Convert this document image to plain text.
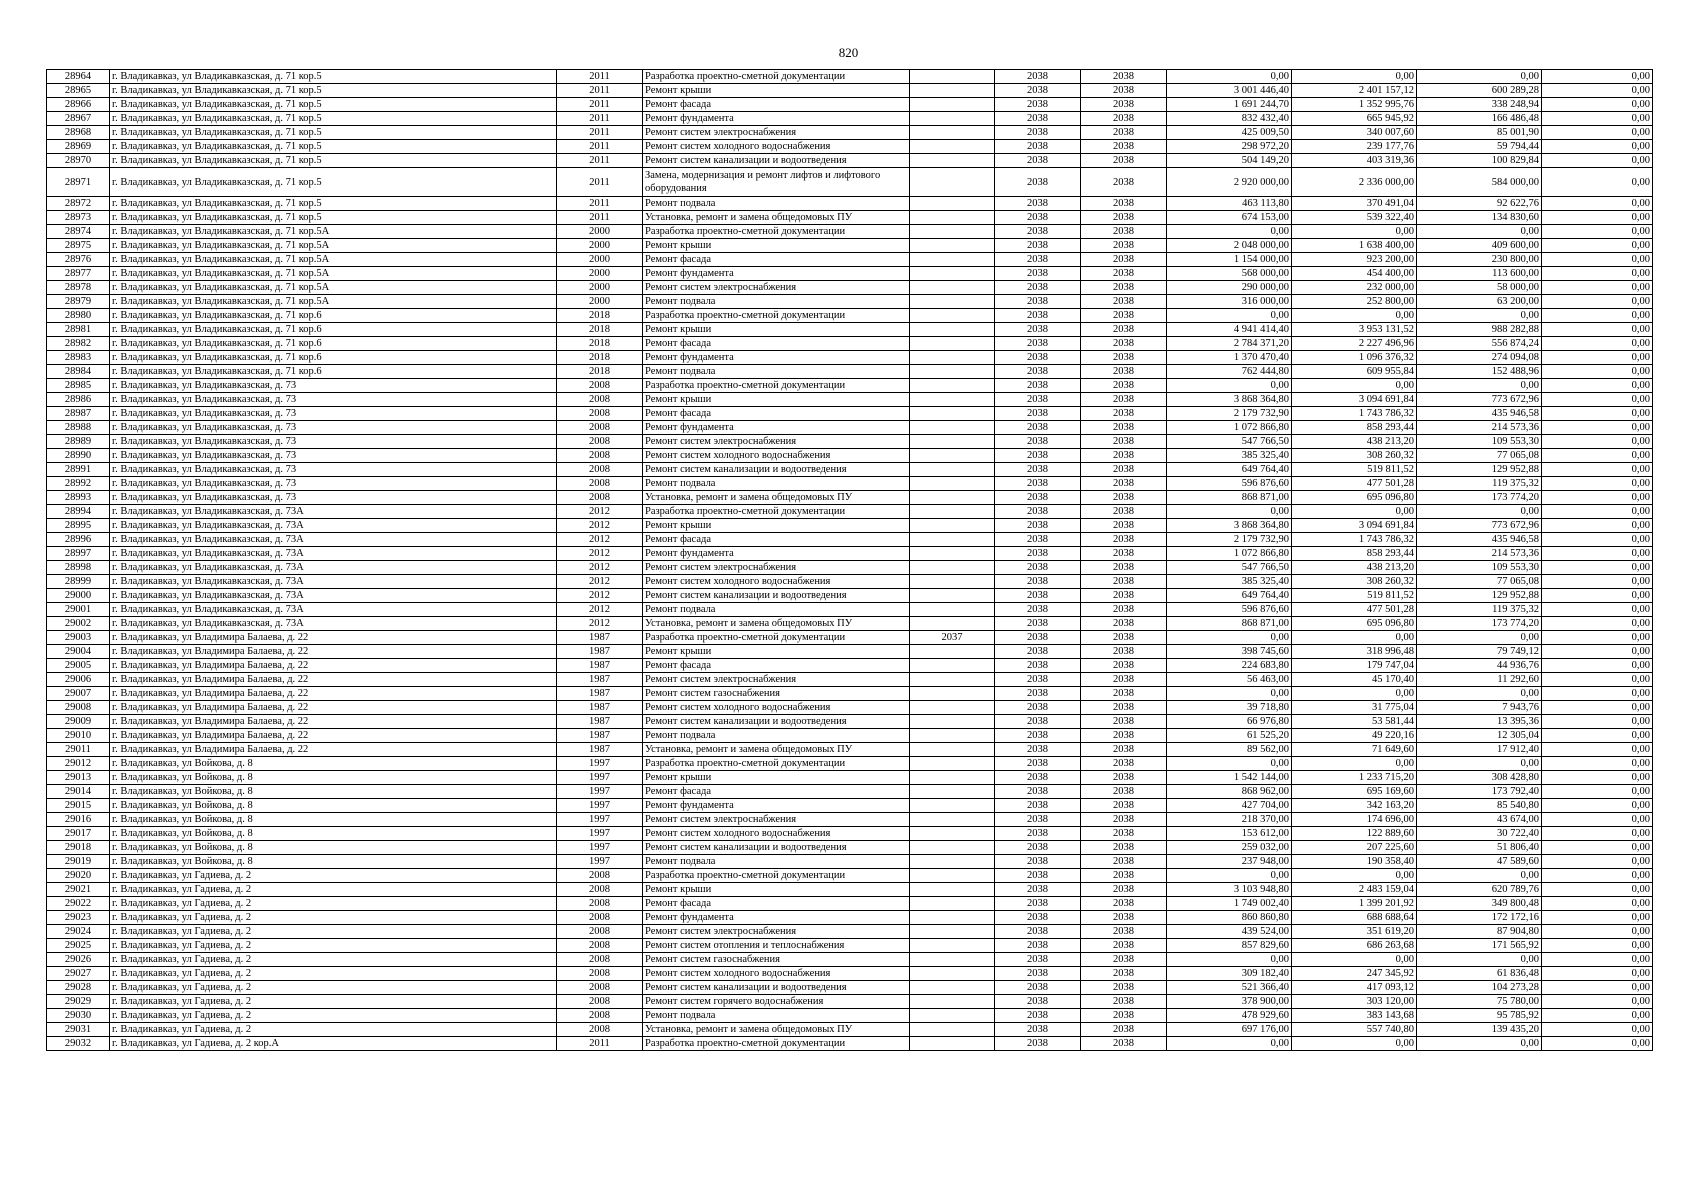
820
28964	г. Владикавказ, ул Владикавказская, д. 71 кор.5	2011	Разработка проектно-сметной документации		2038	2038	0,00	0,00	0,00	0,00
28965	г. Владикавказ, ул Владикавказская, д. 71 кор.5	2011	Ремонт крыши		2038	2038	3 001 446,40	2 401 157,12	600 289,28	0,00
28966	г. Владикавказ, ул Владикавказская, д. 71 кор.5	2011	Ремонт фасада		2038	2038	1 691 244,70	1 352 995,76	338 248,94	0,00
28967	г. Владикавказ, ул Владикавказская, д. 71 кор.5	2011	Ремонт фундамента		2038	2038	832 432,40	665 945,92	166 486,48	0,00
28968	г. Владикавказ, ул Владикавказская, д. 71 кор.5	2011	Ремонт систем электроснабжения		2038	2038	425 009,50	340 007,60	85 001,90	0,00
28969	г. Владикавказ, ул Владикавказская, д. 71 кор.5	2011	Ремонт систем холодного водоснабжения		2038	2038	298 972,20	239 177,76	59 794,44	0,00
28970	г. Владикавказ, ул Владикавказская, д. 71 кор.5	2011	Ремонт систем канализации и водоотведения		2038	2038	504 149,20	403 319,36	100 829,84	0,00
28971	г. Владикавказ, ул Владикавказская, д. 71 кор.5	2011	Замена, модернизация и ремонт лифтов и лифтового оборудования		2038	2038	2 920 000,00	2 336 000,00	584 000,00	0,00
28972	г. Владикавказ, ул Владикавказская, д. 71 кор.5	2011	Ремонт подвала		2038	2038	463 113,80	370 491,04	92 622,76	0,00
28973	г. Владикавказ, ул Владикавказская, д. 71 кор.5	2011	Установка, ремонт и замена общедомовых ПУ		2038	2038	674 153,00	539 322,40	134 830,60	0,00
28974	г. Владикавказ, ул Владикавказская, д. 71 кор.5А	2000	Разработка проектно-сметной документации		2038	2038	0,00	0,00	0,00	0,00
28975	г. Владикавказ, ул Владикавказская, д. 71 кор.5А	2000	Ремонт крыши		2038	2038	2 048 000,00	1 638 400,00	409 600,00	0,00
28976	г. Владикавказ, ул Владикавказская, д. 71 кор.5А	2000	Ремонт фасада		2038	2038	1 154 000,00	923 200,00	230 800,00	0,00
28977	г. Владикавказ, ул Владикавказская, д. 71 кор.5А	2000	Ремонт фундамента		2038	2038	568 000,00	454 400,00	113 600,00	0,00
28978	г. Владикавказ, ул Владикавказская, д. 71 кор.5А	2000	Ремонт систем электроснабжения		2038	2038	290 000,00	232 000,00	58 000,00	0,00
28979	г. Владикавказ, ул Владикавказская, д. 71 кор.5А	2000	Ремонт подвала		2038	2038	316 000,00	252 800,00	63 200,00	0,00
28980	г. Владикавказ, ул Владикавказская, д. 71 кор.6	2018	Разработка проектно-сметной документации		2038	2038	0,00	0,00	0,00	0,00
28981	г. Владикавказ, ул Владикавказская, д. 71 кор.6	2018	Ремонт крыши		2038	2038	4 941 414,40	3 953 131,52	988 282,88	0,00
28982	г. Владикавказ, ул Владикавказская, д. 71 кор.6	2018	Ремонт фасада		2038	2038	2 784 371,20	2 227 496,96	556 874,24	0,00
28983	г. Владикавказ, ул Владикавказская, д. 71 кор.6	2018	Ремонт фундамента		2038	2038	1 370 470,40	1 096 376,32	274 094,08	0,00
28984	г. Владикавказ, ул Владикавказская, д. 71 кор.6	2018	Ремонт подвала		2038	2038	762 444,80	609 955,84	152 488,96	0,00
28985	г. Владикавказ, ул Владикавказская, д. 73	2008	Разработка проектно-сметной документации		2038	2038	0,00	0,00	0,00	0,00
28986	г. Владикавказ, ул Владикавказская, д. 73	2008	Ремонт крыши		2038	2038	3 868 364,80	3 094 691,84	773 672,96	0,00
28987	г. Владикавказ, ул Владикавказская, д. 73	2008	Ремонт фасада		2038	2038	2 179 732,90	1 743 786,32	435 946,58	0,00
28988	г. Владикавказ, ул Владикавказская, д. 73	2008	Ремонт фундамента		2038	2038	1 072 866,80	858 293,44	214 573,36	0,00
28989	г. Владикавказ, ул Владикавказская, д. 73	2008	Ремонт систем электроснабжения		2038	2038	547 766,50	438 213,20	109 553,30	0,00
28990	г. Владикавказ, ул Владикавказская, д. 73	2008	Ремонт систем холодного водоснабжения		2038	2038	385 325,40	308 260,32	77 065,08	0,00
28991	г. Владикавказ, ул Владикавказская, д. 73	2008	Ремонт систем канализации и водоотведения		2038	2038	649 764,40	519 811,52	129 952,88	0,00
28992	г. Владикавказ, ул Владикавказская, д. 73	2008	Ремонт подвала		2038	2038	596 876,60	477 501,28	119 375,32	0,00
28993	г. Владикавказ, ул Владикавказская, д. 73	2008	Установка, ремонт и замена общедомовых ПУ		2038	2038	868 871,00	695 096,80	173 774,20	0,00
28994	г. Владикавказ, ул Владикавказская, д. 73А	2012	Разработка проектно-сметной документации		2038	2038	0,00	0,00	0,00	0,00
28995	г. Владикавказ, ул Владикавказская, д. 73А	2012	Ремонт крыши		2038	2038	3 868 364,80	3 094 691,84	773 672,96	0,00
28996	г. Владикавказ, ул Владикавказская, д. 73А	2012	Ремонт фасада		2038	2038	2 179 732,90	1 743 786,32	435 946,58	0,00
28997	г. Владикавказ, ул Владикавказская, д. 73А	2012	Ремонт фундамента		2038	2038	1 072 866,80	858 293,44	214 573,36	0,00
28998	г. Владикавказ, ул Владикавказская, д. 73А	2012	Ремонт систем электроснабжения		2038	2038	547 766,50	438 213,20	109 553,30	0,00
28999	г. Владикавказ, ул Владикавказская, д. 73А	2012	Ремонт систем холодного водоснабжения		2038	2038	385 325,40	308 260,32	77 065,08	0,00
29000	г. Владикавказ, ул Владикавказская, д. 73А	2012	Ремонт систем канализации и водоотведения		2038	2038	649 764,40	519 811,52	129 952,88	0,00
29001	г. Владикавказ, ул Владикавказская, д. 73А	2012	Ремонт подвала		2038	2038	596 876,60	477 501,28	119 375,32	0,00
29002	г. Владикавказ, ул Владикавказская, д. 73А	2012	Установка, ремонт и замена общедомовых ПУ		2038	2038	868 871,00	695 096,80	173 774,20	0,00
29003	г. Владикавказ, ул Владимира Балаева, д. 22	1987	Разработка проектно-сметной документации	2037	2038	2038	0,00	0,00	0,00	0,00
29004	г. Владикавказ, ул Владимира Балаева, д. 22	1987	Ремонт крыши		2038	2038	398 745,60	318 996,48	79 749,12	0,00
29005	г. Владикавказ, ул Владимира Балаева, д. 22	1987	Ремонт фасада		2038	2038	224 683,80	179 747,04	44 936,76	0,00
29006	г. Владикавказ, ул Владимира Балаева, д. 22	1987	Ремонт систем электроснабжения		2038	2038	56 463,00	45 170,40	11 292,60	0,00
29007	г. Владикавказ, ул Владимира Балаева, д. 22	1987	Ремонт систем газоснабжения		2038	2038	0,00	0,00	0,00	0,00
29008	г. Владикавказ, ул Владимира Балаева, д. 22	1987	Ремонт систем холодного водоснабжения		2038	2038	39 718,80	31 775,04	7 943,76	0,00
29009	г. Владикавказ, ул Владимира Балаева, д. 22	1987	Ремонт систем канализации и водоотведения		2038	2038	66 976,80	53 581,44	13 395,36	0,00
29010	г. Владикавказ, ул Владимира Балаева, д. 22	1987	Ремонт подвала		2038	2038	61 525,20	49 220,16	12 305,04	0,00
29011	г. Владикавказ, ул Владимира Балаева, д. 22	1987	Установка, ремонт и замена общедомовых ПУ		2038	2038	89 562,00	71 649,60	17 912,40	0,00
29012	г. Владикавказ, ул Войкова, д. 8	1997	Разработка проектно-сметной документации		2038	2038	0,00	0,00	0,00	0,00
29013	г. Владикавказ, ул Войкова, д. 8	1997	Ремонт крыши		2038	2038	1 542 144,00	1 233 715,20	308 428,80	0,00
29014	г. Владикавказ, ул Войкова, д. 8	1997	Ремонт фасада		2038	2038	868 962,00	695 169,60	173 792,40	0,00
29015	г. Владикавказ, ул Войкова, д. 8	1997	Ремонт фундамента		2038	2038	427 704,00	342 163,20	85 540,80	0,00
29016	г. Владикавказ, ул Войкова, д. 8	1997	Ремонт систем электроснабжения		2038	2038	218 370,00	174 696,00	43 674,00	0,00
29017	г. Владикавказ, ул Войкова, д. 8	1997	Ремонт систем холодного водоснабжения		2038	2038	153 612,00	122 889,60	30 722,40	0,00
29018	г. Владикавказ, ул Войкова, д. 8	1997	Ремонт систем канализации и водоотведения		2038	2038	259 032,00	207 225,60	51 806,40	0,00
29019	г. Владикавказ, ул Войкова, д. 8	1997	Ремонт подвала		2038	2038	237 948,00	190 358,40	47 589,60	0,00
29020	г. Владикавказ, ул Гадиева, д. 2	2008	Разработка проектно-сметной документации		2038	2038	0,00	0,00	0,00	0,00
29021	г. Владикавказ, ул Гадиева, д. 2	2008	Ремонт крыши		2038	2038	3 103 948,80	2 483 159,04	620 789,76	0,00
29022	г. Владикавказ, ул Гадиева, д. 2	2008	Ремонт фасада		2038	2038	1 749 002,40	1 399 201,92	349 800,48	0,00
29023	г. Владикавказ, ул Гадиева, д. 2	2008	Ремонт фундамента		2038	2038	860 860,80	688 688,64	172 172,16	0,00
29024	г. Владикавказ, ул Гадиева, д. 2	2008	Ремонт систем электроснабжения		2038	2038	439 524,00	351 619,20	87 904,80	0,00
29025	г. Владикавказ, ул Гадиева, д. 2	2008	Ремонт систем отопления и теплоснабжения		2038	2038	857 829,60	686 263,68	171 565,92	0,00
29026	г. Владикавказ, ул Гадиева, д. 2	2008	Ремонт систем газоснабжения		2038	2038	0,00	0,00	0,00	0,00
29027	г. Владикавказ, ул Гадиева, д. 2	2008	Ремонт систем холодного водоснабжения		2038	2038	309 182,40	247 345,92	61 836,48	0,00
29028	г. Владикавказ, ул Гадиева, д. 2	2008	Ремонт систем канализации и водоотведения		2038	2038	521 366,40	417 093,12	104 273,28	0,00
29029	г. Владикавказ, ул Гадиева, д. 2	2008	Ремонт систем горячего водоснабжения		2038	2038	378 900,00	303 120,00	75 780,00	0,00
29030	г. Владикавказ, ул Гадиева, д. 2	2008	Ремонт подвала		2038	2038	478 929,60	383 143,68	95 785,92	0,00
29031	г. Владикавказ, ул Гадиева, д. 2	2008	Установка, ремонт и замена общедомовых ПУ		2038	2038	697 176,00	557 740,80	139 435,20	0,00
29032	г. Владикавказ, ул Гадиева, д. 2 кор.А	2011	Разработка проектно-сметной документации		2038	2038	0,00	0,00	0,00	0,00
